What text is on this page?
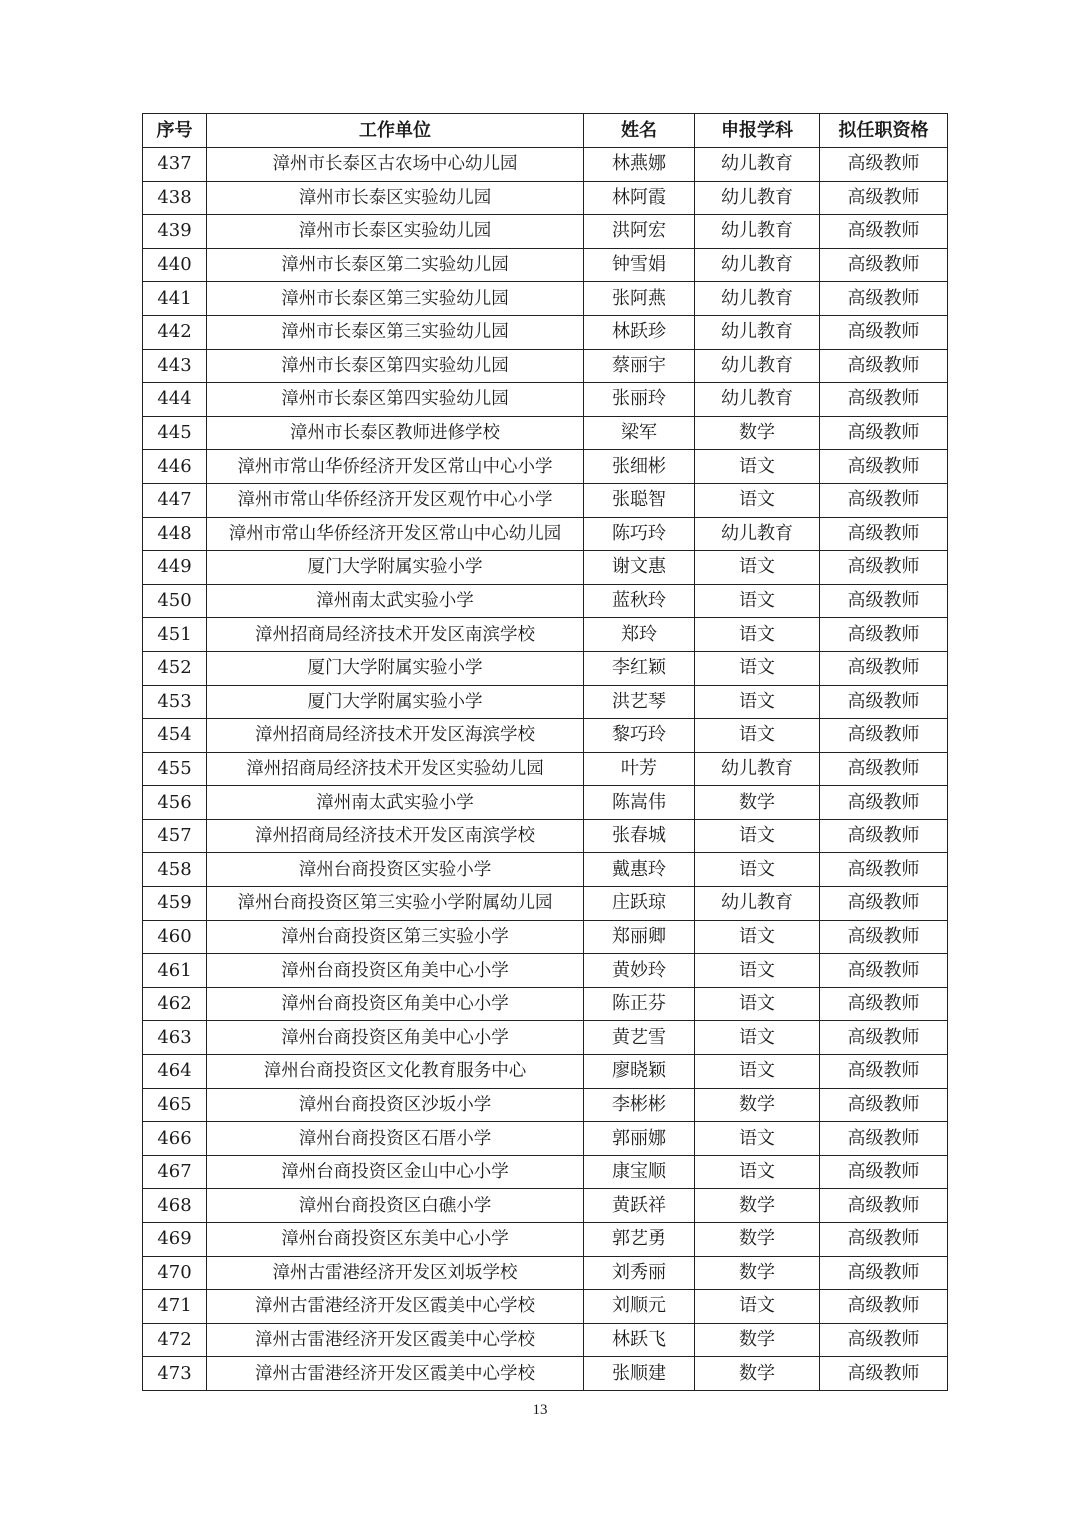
序号	工作单位	姓名	申报学科	拟任职资格
437	漳州市长泰区古农场中心幼儿园	林燕娜	幼儿教育	高级教师
438	漳州市长泰区实验幼儿园	林阿霞	幼儿教育	高级教师
439	漳州市长泰区实验幼儿园	洪阿宏	幼儿教育	高级教师
440	漳州市长泰区第二实验幼儿园	钟雪娟	幼儿教育	高级教师
441	漳州市长泰区第三实验幼儿园	张阿燕	幼儿教育	高级教师
442	漳州市长泰区第三实验幼儿园	林跃珍	幼儿教育	高级教师
443	漳州市长泰区第四实验幼儿园	蔡丽宇	幼儿教育	高级教师
444	漳州市长泰区第四实验幼儿园	张丽玲	幼儿教育	高级教师
445	漳州市长泰区教师进修学校	梁军	数学	高级教师
446	漳州市常山华侨经济开发区常山中心小学	张细彬	语文	高级教师
447	漳州市常山华侨经济开发区观竹中心小学	张聪智	语文	高级教师
448	漳州市常山华侨经济开发区常山中心幼儿园	陈巧玲	幼儿教育	高级教师
449	厦门大学附属实验小学	谢文惠	语文	高级教师
450	漳州南太武实验小学	蓝秋玲	语文	高级教师
451	漳州招商局经济技术开发区南滨学校	郑玲	语文	高级教师
452	厦门大学附属实验小学	李红颖	语文	高级教师
453	厦门大学附属实验小学	洪艺琴	语文	高级教师
454	漳州招商局经济技术开发区海滨学校	黎巧玲	语文	高级教师
455	漳州招商局经济技术开发区实验幼儿园	叶芳	幼儿教育	高级教师
456	漳州南太武实验小学	陈嵩伟	数学	高级教师
457	漳州招商局经济技术开发区南滨学校	张春城	语文	高级教师
458	漳州台商投资区实验小学	戴惠玲	语文	高级教师
459	漳州台商投资区第三实验小学附属幼儿园	庄跃琼	幼儿教育	高级教师
460	漳州台商投资区第三实验小学	郑丽卿	语文	高级教师
461	漳州台商投资区角美中心小学	黄妙玲	语文	高级教师
462	漳州台商投资区角美中心小学	陈正芬	语文	高级教师
463	漳州台商投资区角美中心小学	黄艺雪	语文	高级教师
464	漳州台商投资区文化教育服务中心	廖晓颖	语文	高级教师
465	漳州台商投资区沙坂小学	李彬彬	数学	高级教师
466	漳州台商投资区石厝小学	郭丽娜	语文	高级教师
467	漳州台商投资区金山中心小学	康宝顺	语文	高级教师
468	漳州台商投资区白礁小学	黄跃祥	数学	高级教师
469	漳州台商投资区东美中心小学	郭艺勇	数学	高级教师
470	漳州古雷港经济开发区刘坂学校	刘秀丽	数学	高级教师
471	漳州古雷港经济开发区霞美中心学校	刘顺元	语文	高级教师
472	漳州古雷港经济开发区霞美中心学校	林跃飞	数学	高级教师
473	漳州古雷港经济开发区霞美中心学校	张顺建	数学	高级教师
13
